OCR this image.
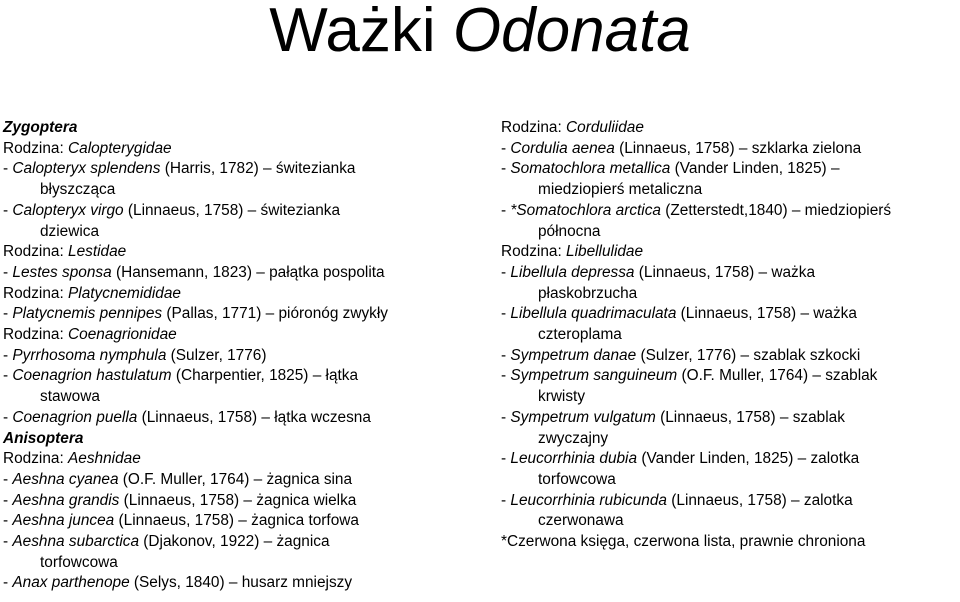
Ważki Odonata
Zygoptera
Rodzina: Calopterygidae
- Calopteryx splendens (Harris, 1782) – świtezianka
błyszcząca
- Calopteryx virgo (Linnaeus, 1758) – świtezianka
dziewica
Rodzina: Lestidae
- Lestes sponsa (Hansemann, 1823) – pałątka pospolita
Rodzina: Platycnemididae
- Platycnemis pennipes (Pallas, 1771) – pióronóg zwykły
Rodzina: Coenagrionidae
- Pyrrhosoma nymphula (Sulzer, 1776)
- Coenagrion hastulatum (Charpentier, 1825) – łątka
stawowa
- Coenagrion puella (Linnaeus, 1758) – łątka wczesna
Anisoptera
Rodzina: Aeshnidae
- Aeshna cyanea (O.F. Muller, 1764) – żagnica sina
- Aeshna grandis (Linnaeus, 1758) – żagnica wielka
- Aeshna juncea (Linnaeus, 1758) – żagnica torfowa
- Aeshna subarctica (Djakonov, 1922) – żagnica
torfowcowa
- Anax parthenope (Selys, 1840) – husarz mniejszy
Rodzina: Corduliidae
- Cordulia aenea (Linnaeus, 1758) – szklarka zielona
- Somatochlora metallica (Vander Linden, 1825) –
miedziopierś metaliczna
- *Somatochlora arctica (Zetterstedt,1840) – miedziopierś
północna
Rodzina: Libellulidae
- Libellula depressa (Linnaeus, 1758) – ważka
płaskobrzucha
- Libellula quadrimaculata (Linnaeus, 1758) – ważka
czteroplama
- Sympetrum danae (Sulzer, 1776) – szablak szkocki
- Sympetrum sanguineum (O.F. Muller, 1764) – szablak
krwisty
- Sympetrum vulgatum (Linnaeus, 1758) – szablak
zwyczajny
- Leucorrhinia dubia (Vander Linden, 1825) – zalotka
torfowcowa
- Leucorrhinia rubicunda (Linnaeus, 1758) – zalotka
czerwonawa
*Czerwona księga, czerwona lista, prawnie chroniona
